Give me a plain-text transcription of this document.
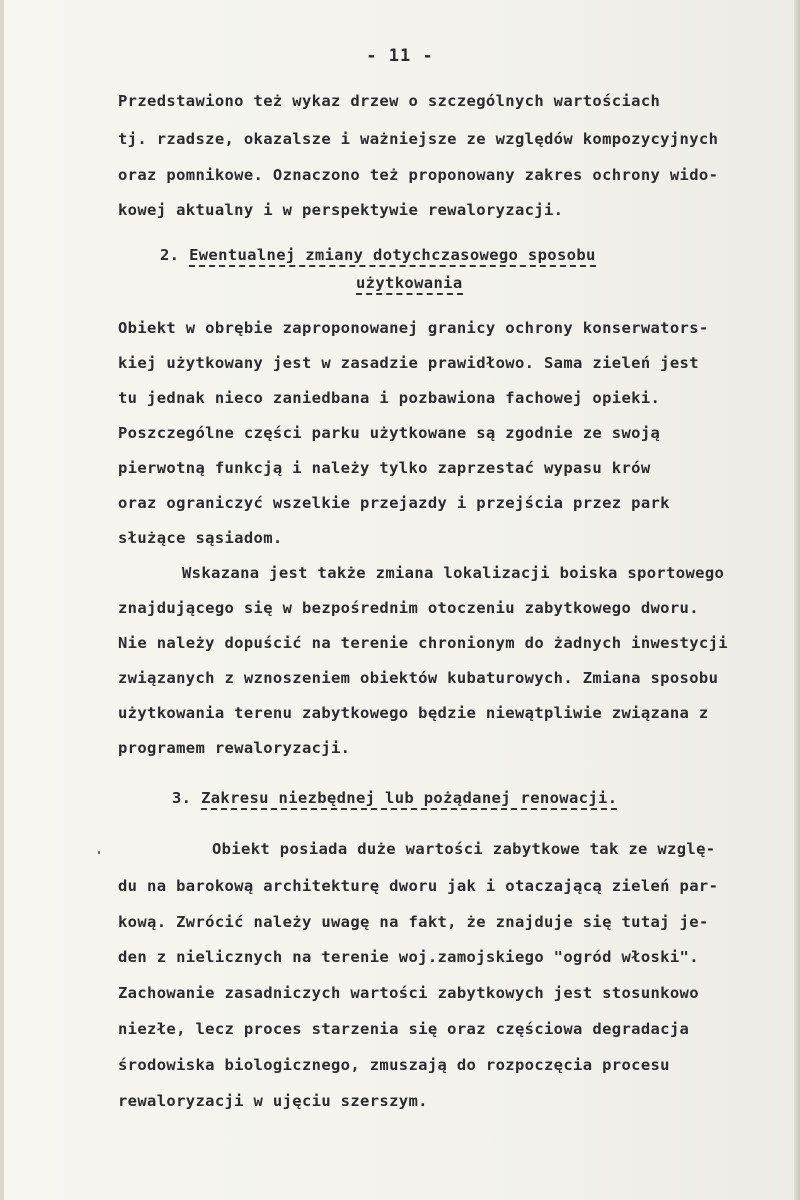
- 11 -
Przedstawiono też wykaz drzew o szczególnych wartościach
tj. rzadsze, okazalsze i ważniejsze ze względów kompozycyjnych
oraz pomnikowe. Oznaczono też proponowany zakres ochrony wido-
kowej aktualny i w perspektywie rewaloryzacji.
2. Ewentualnej zmiany dotychczasowego sposobu
użytkowania
Obiekt w obrębie zaproponowanej granicy ochrony konserwators-
kiej użytkowany jest w zasadzie prawidłowo. Sama zieleń jest
tu jednak nieco zaniedbana i pozbawiona fachowej opieki.
Poszczególne części parku użytkowane są zgodnie ze swoją
pierwotną funkcją i należy tylko zaprzestać wypasu krów
oraz ograniczyć wszelkie przejazdy i przejścia przez park
służące sąsiadom.
Wskazana jest także zmiana lokalizacji boiska sportowego
znajdującego się w bezpośrednim otoczeniu zabytkowego dworu.
Nie należy dopuścić na terenie chronionym do żadnych inwestycji
związanych z wznoszeniem obiektów kubaturowych. Zmiana sposobu
użytkowania terenu zabytkowego będzie niewątpliwie związana z
programem rewaloryzacji.
3. Zakresu niezbędnej lub pożądanej renowacji.
Obiekt posiada duże wartości zabytkowe tak ze wzglę-
du na barokową architekturę dworu jak i otaczającą zieleń par-
kową. Zwrócić należy uwagę na fakt, że znajduje się tutaj je-
den z nielicznych na terenie woj.zamojskiego "ogród włoski".
Zachowanie zasadniczych wartości zabytkowych jest stosunkowo
niezłe, lecz proces starzenia się oraz częściowa degradacja
środowiska biologicznego, zmuszają do rozpoczęcia procesu
rewaloryzacji w ujęciu szerszym.
